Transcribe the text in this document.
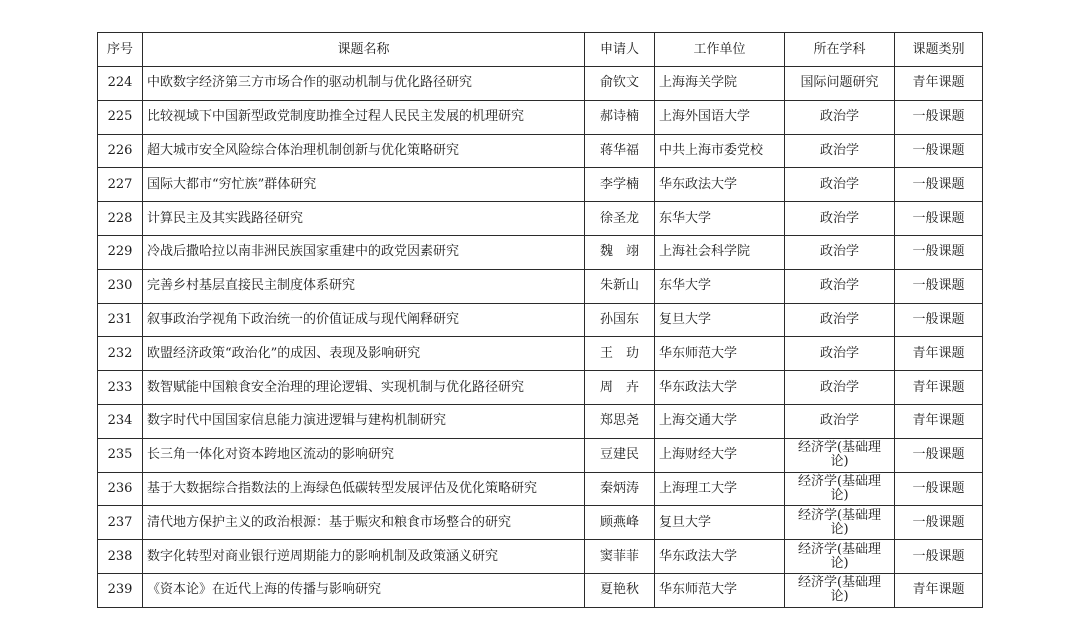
序号	课题名称	申请人	工作单位	所在学科	课题类别
224	中欧数字经济第三方市场合作的驱动机制与优化路径研究	俞钦文	上海海关学院	国际问题研究	青年课题
225	比较视域下中国新型政党制度助推全过程人民民主发展的机理研究	郝诗楠	上海外国语大学	政治学	一般课题
226	超大城市安全风险综合体治理机制创新与优化策略研究	蒋华福	中共上海市委党校	政治学	一般课题
227	国际大都市“穷忙族”群体研究	李学楠	华东政法大学	政治学	一般课题
228	计算民主及其实践路径研究	徐圣龙	东华大学	政治学	一般课题
229	冷战后撒哈拉以南非洲民族国家重建中的政党因素研究	魏　翊	上海社会科学院	政治学	一般课题
230	完善乡村基层直接民主制度体系研究	朱新山	东华大学	政治学	一般课题
231	叙事政治学视角下政治统一的价值证成与现代阐释研究	孙国东	复旦大学	政治学	一般课题
232	欧盟经济政策“政治化”的成因、表现及影响研究	王　玏	华东师范大学	政治学	青年课题
233	数智赋能中国粮食安全治理的理论逻辑、实现机制与优化路径研究	周　卉	华东政法大学	政治学	青年课题
234	数字时代中国国家信息能力演进逻辑与建构机制研究	郑思尧	上海交通大学	政治学	青年课题
235	长三角一体化对资本跨地区流动的影响研究	豆建民	上海财经大学	经济学(基础理论)	一般课题
236	基于大数据综合指数法的上海绿色低碳转型发展评估及优化策略研究	秦炳涛	上海理工大学	经济学(基础理论)	一般课题
237	清代地方保护主义的政治根源：基于赈灾和粮食市场整合的研究	顾燕峰	复旦大学	经济学(基础理论)	一般课题
238	数字化转型对商业银行逆周期能力的影响机制及政策涵义研究	窦菲菲	华东政法大学	经济学(基础理论)	一般课题
239	《资本论》在近代上海的传播与影响研究	夏艳秋	华东师范大学	经济学(基础理论)	青年课题
